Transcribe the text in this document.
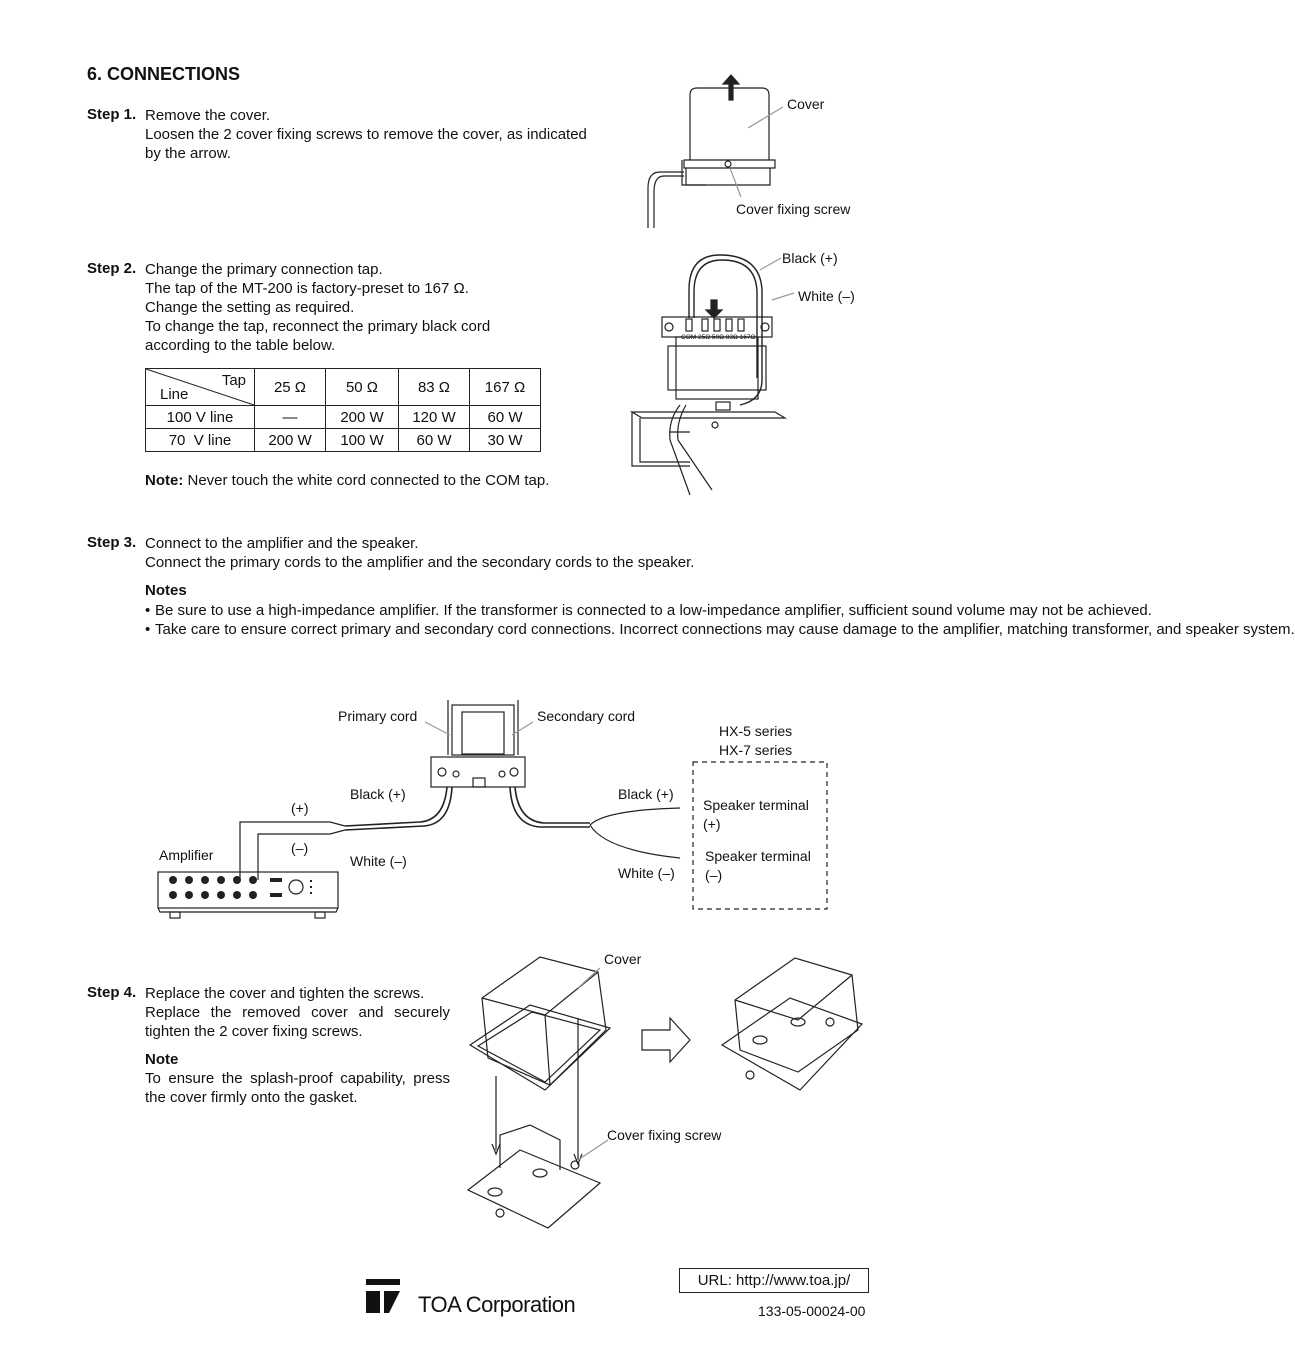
6. CONNECTIONS
Step 1. Remove the cover.
Loosen the 2 cover fixing screws to remove the cover, as indicated
by the arrow.
Cover
Cover fixing screw
Step 2. Change the primary connection tap.
The tap of the MT-200 is factory-preset to 167 Ω.
Change the setting as required.
To change the tap, reconnect the primary black cord
according to the table below.
Tap
Line	25 Ω	50 Ω	83 Ω	167 Ω
100 V line	—	200 W	120 W	60 W
70  V line	200 W	100 W	60 W	30 W
Note: Never touch the white cord connected to the COM tap.
COM 25Ω 50Ω 83Ω 167Ω
Black (+)
White (–)
Step 3. Connect to the amplifier and the speaker.
Connect the primary cords to the amplifier and the secondary cords to the speaker.
Notes
• Be sure to use a high-impedance amplifier. If the transformer is connected to a low-impedance amplifier, sufficient sound volume may not be achieved.
• Take care to ensure correct primary and secondary cord connections. Incorrect connections may cause damage to the amplifier, matching transformer, and speaker system.
Primary cord	Secondary cord
HX-5 series
HX-7 series
Black (+)	Black (+)
(+)
(–)
White (–)
White (–)
Amplifier
Speaker terminal
(+)
Speaker terminal
(–)
Step 4. Replace the cover and tighten the screws.
Replace the removed cover and securely tighten the 2 cover fixing screws.
Note
To ensure the splash-proof capability, press the cover firmly onto the gasket.
Cover
Cover fixing screw
URL: http://www.toa.jp/
133-05-00024-00
TOA Corporation
